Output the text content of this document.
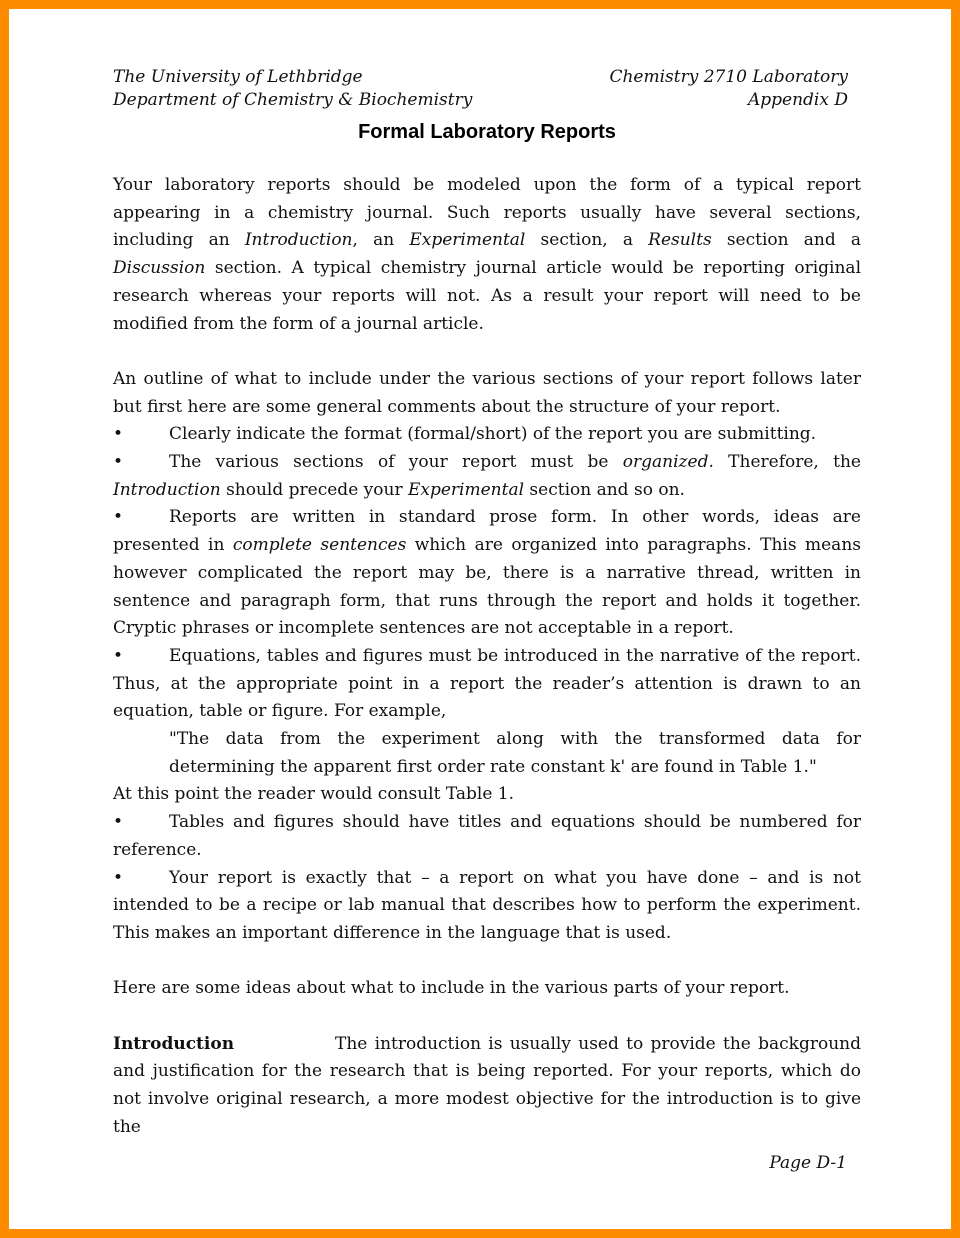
The University of Lethbridge
Department of Chemistry & Biochemistry
Chemistry 2710 Laboratory
Appendix D
Formal Laboratory Reports

Your laboratory reports should be modeled upon the form of a typical report appearing in a chemistry journal. Such reports usually have several sections, including an Introduction, an Experimental section, a Results section and a Discussion section. A typical chemistry journal article would be reporting original research whereas your reports will not. As a result your report will need to be modified from the form of a journal article.

An outline of what to include under the various sections of your report follows later but first here are some general comments about the structure of your report.

•	Clearly indicate the format (formal/short) of the report you are submitting.

•	The various sections of your report must be organized. Therefore, the Introduction should precede your Experimental section and so on.

•	Reports are written in standard prose form. In other words, ideas are presented in complete sentences which are organized into paragraphs. This means however complicated the report may be, there is a narrative thread, written in sentence and paragraph form, that runs through the report and holds it together. Cryptic phrases or incomplete sentences are not acceptable in a report.

•	Equations, tables and figures must be introduced in the narrative of the report. Thus, at the appropriate point in a report the reader’s attention is drawn to an equation, table or figure. For example,

"The data from the experiment along with the transformed data for determining the apparent first order rate constant k' are found in Table 1."

At this point the reader would consult Table 1.

•	Tables and figures should have titles and equations should be numbered for reference.

•	Your report is exactly that – a report on what you have done – and is not intended to be a recipe or lab manual that describes how to perform the experiment. This makes an important difference in the language that is used.

Here are some ideas about what to include in the various parts of your report.

Introduction	The introduction is usually used to provide the background and justification for the research that is being reported. For your reports, which do not involve original research, a more modest objective for the introduction is to give the

Page D-1
